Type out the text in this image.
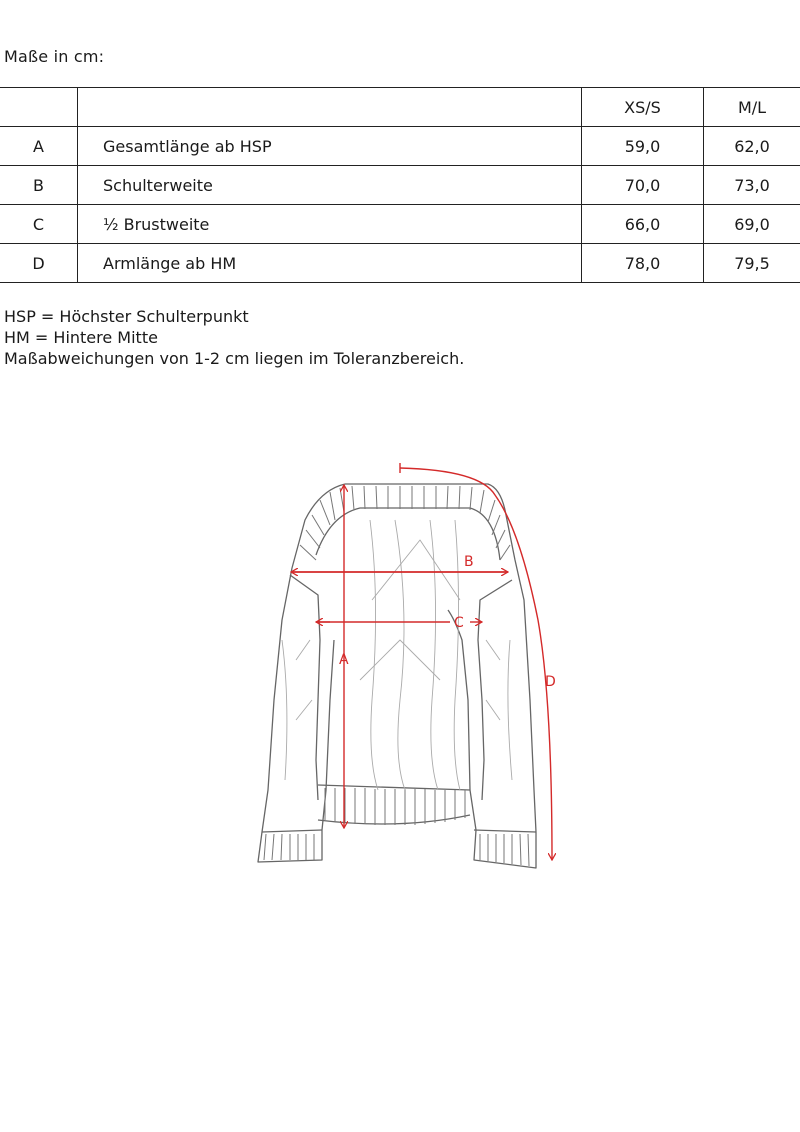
Maße in cm:
		XS/S	M/L
A	Gesamtlänge ab HSP	59,0	62,0
B	Schulterweite	70,0	73,0
C	½ Brustweite	66,0	69,0
D	Armlänge ab HM	78,0	79,5
HSP = Höchster Schulterpunkt
HM = Hintere Mitte
Maßabweichungen von 1-2 cm liegen im Toleranzbereich.
A
B
C
D
